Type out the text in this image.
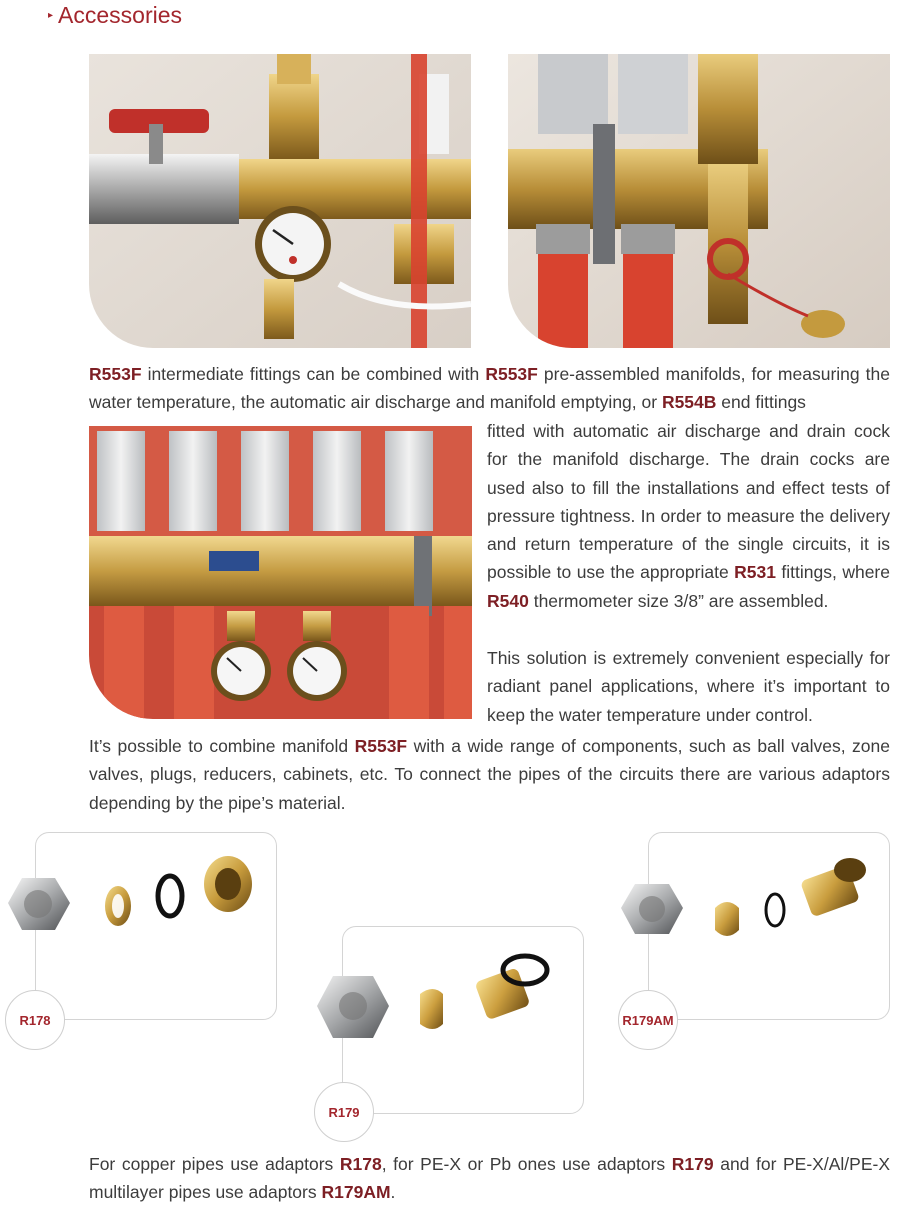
▸ Accessories
R553F intermediate fittings can be combined with R553F pre-assembled manifolds, for measuring the water temperature, the automatic air discharge and manifold emptying, or R554B end fittings
fitted with automatic air discharge and drain cock for the manifold discharge. The drain cocks are used also to fill the installations and effect tests of pressure tightness. In order to measure the delivery and return temperature of the single circuits, it is possible to use the appropriate R531 fittings, where R540 thermometer size 3/8” are assembled.
This solution is extremely convenient especially for radiant panel applications, where it’s important to keep the water temperature under control.
It’s possible to combine manifold R553F with a wide range of components, such as ball valves, zone valves, plugs, reducers, cabinets, etc. To connect the pipes of the circuits there are various adaptors depending by the pipe’s material.
R178
R179
R179AM
For copper pipes use adaptors R178, for PE-X or Pb ones use adaptors R179 and for PE-X/Al/PE-X multilayer pipes use adaptors R179AM.
